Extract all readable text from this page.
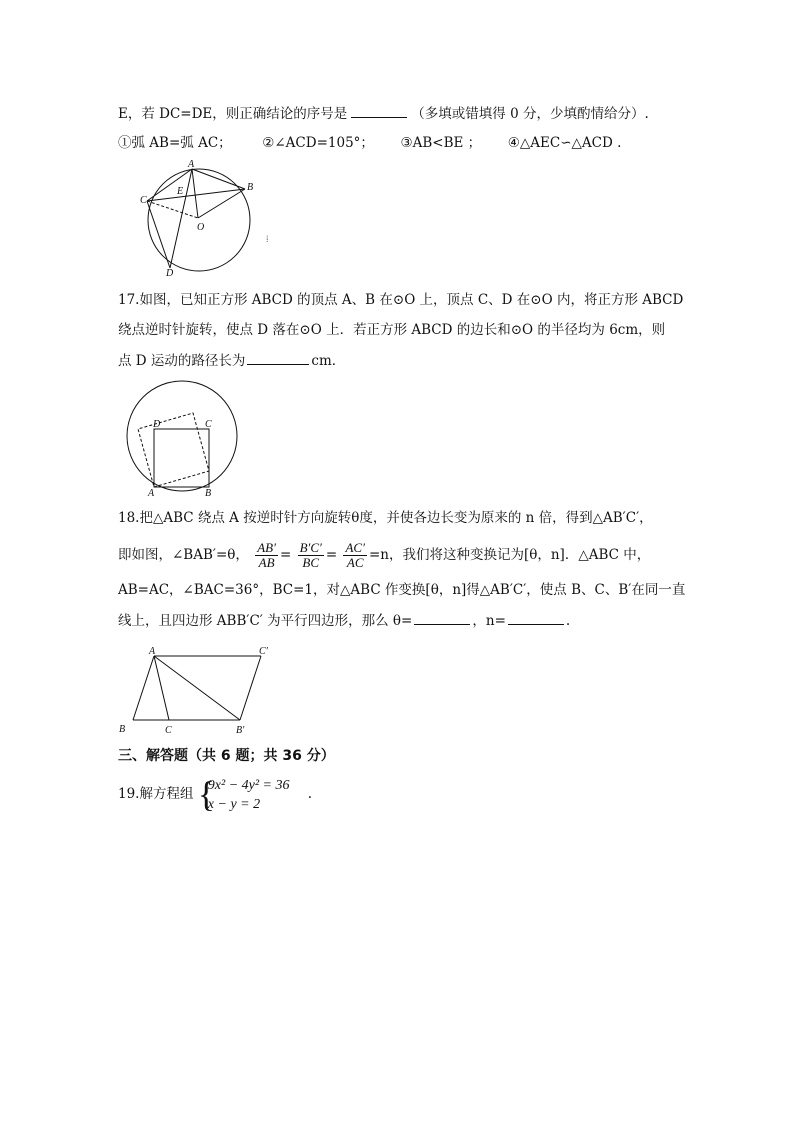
E，若 DC=DE，则正确结论的序号是	（多填或错填得 0 分，少填酌情给分）.
①弧 AB=弧 AC； ②∠ACD=105°； ③AB<BE ； ④△AEC∽△ACD .
A
B
C
D
E
O
⁞
17.如图，已知正方形 ABCD 的顶点 A、B 在⊙O 上，顶点 C、D 在⊙O 内，将正方形 ABCD
绕点逆时针旋转，使点 D 落在⊙O 上．若正方形 ABCD 的边长和⊙O 的半径均为 6cm，则
点 D 运动的路径长为	cm．
A	B
C
D
18.把△ABC 绕点 A 按逆时针方向旋转θ度，并使各边长变为原来的 n 倍，得到△AB′C′，
即如图，∠BAB′=θ， $\frac{AB'}{AB} = \frac{B'C'}{BC} = \frac{AC'}{AC} =n$，我们将这种变换记为[θ，n]．△ABC 中，
AB=AC，∠BAC=36°，BC=1，对△ABC 作变换[θ，n]得△AB′C′，使点 B、C、B′在同一直
线上，且四边形 ABB′C′ 为平行四边形，那么 θ=	，n=	.
A	C′
B	C	B′
三、解答题（共 6 题；共 36 分）
19.解方程组 {
9x² − 4y² = 36
x − y = 2
.
